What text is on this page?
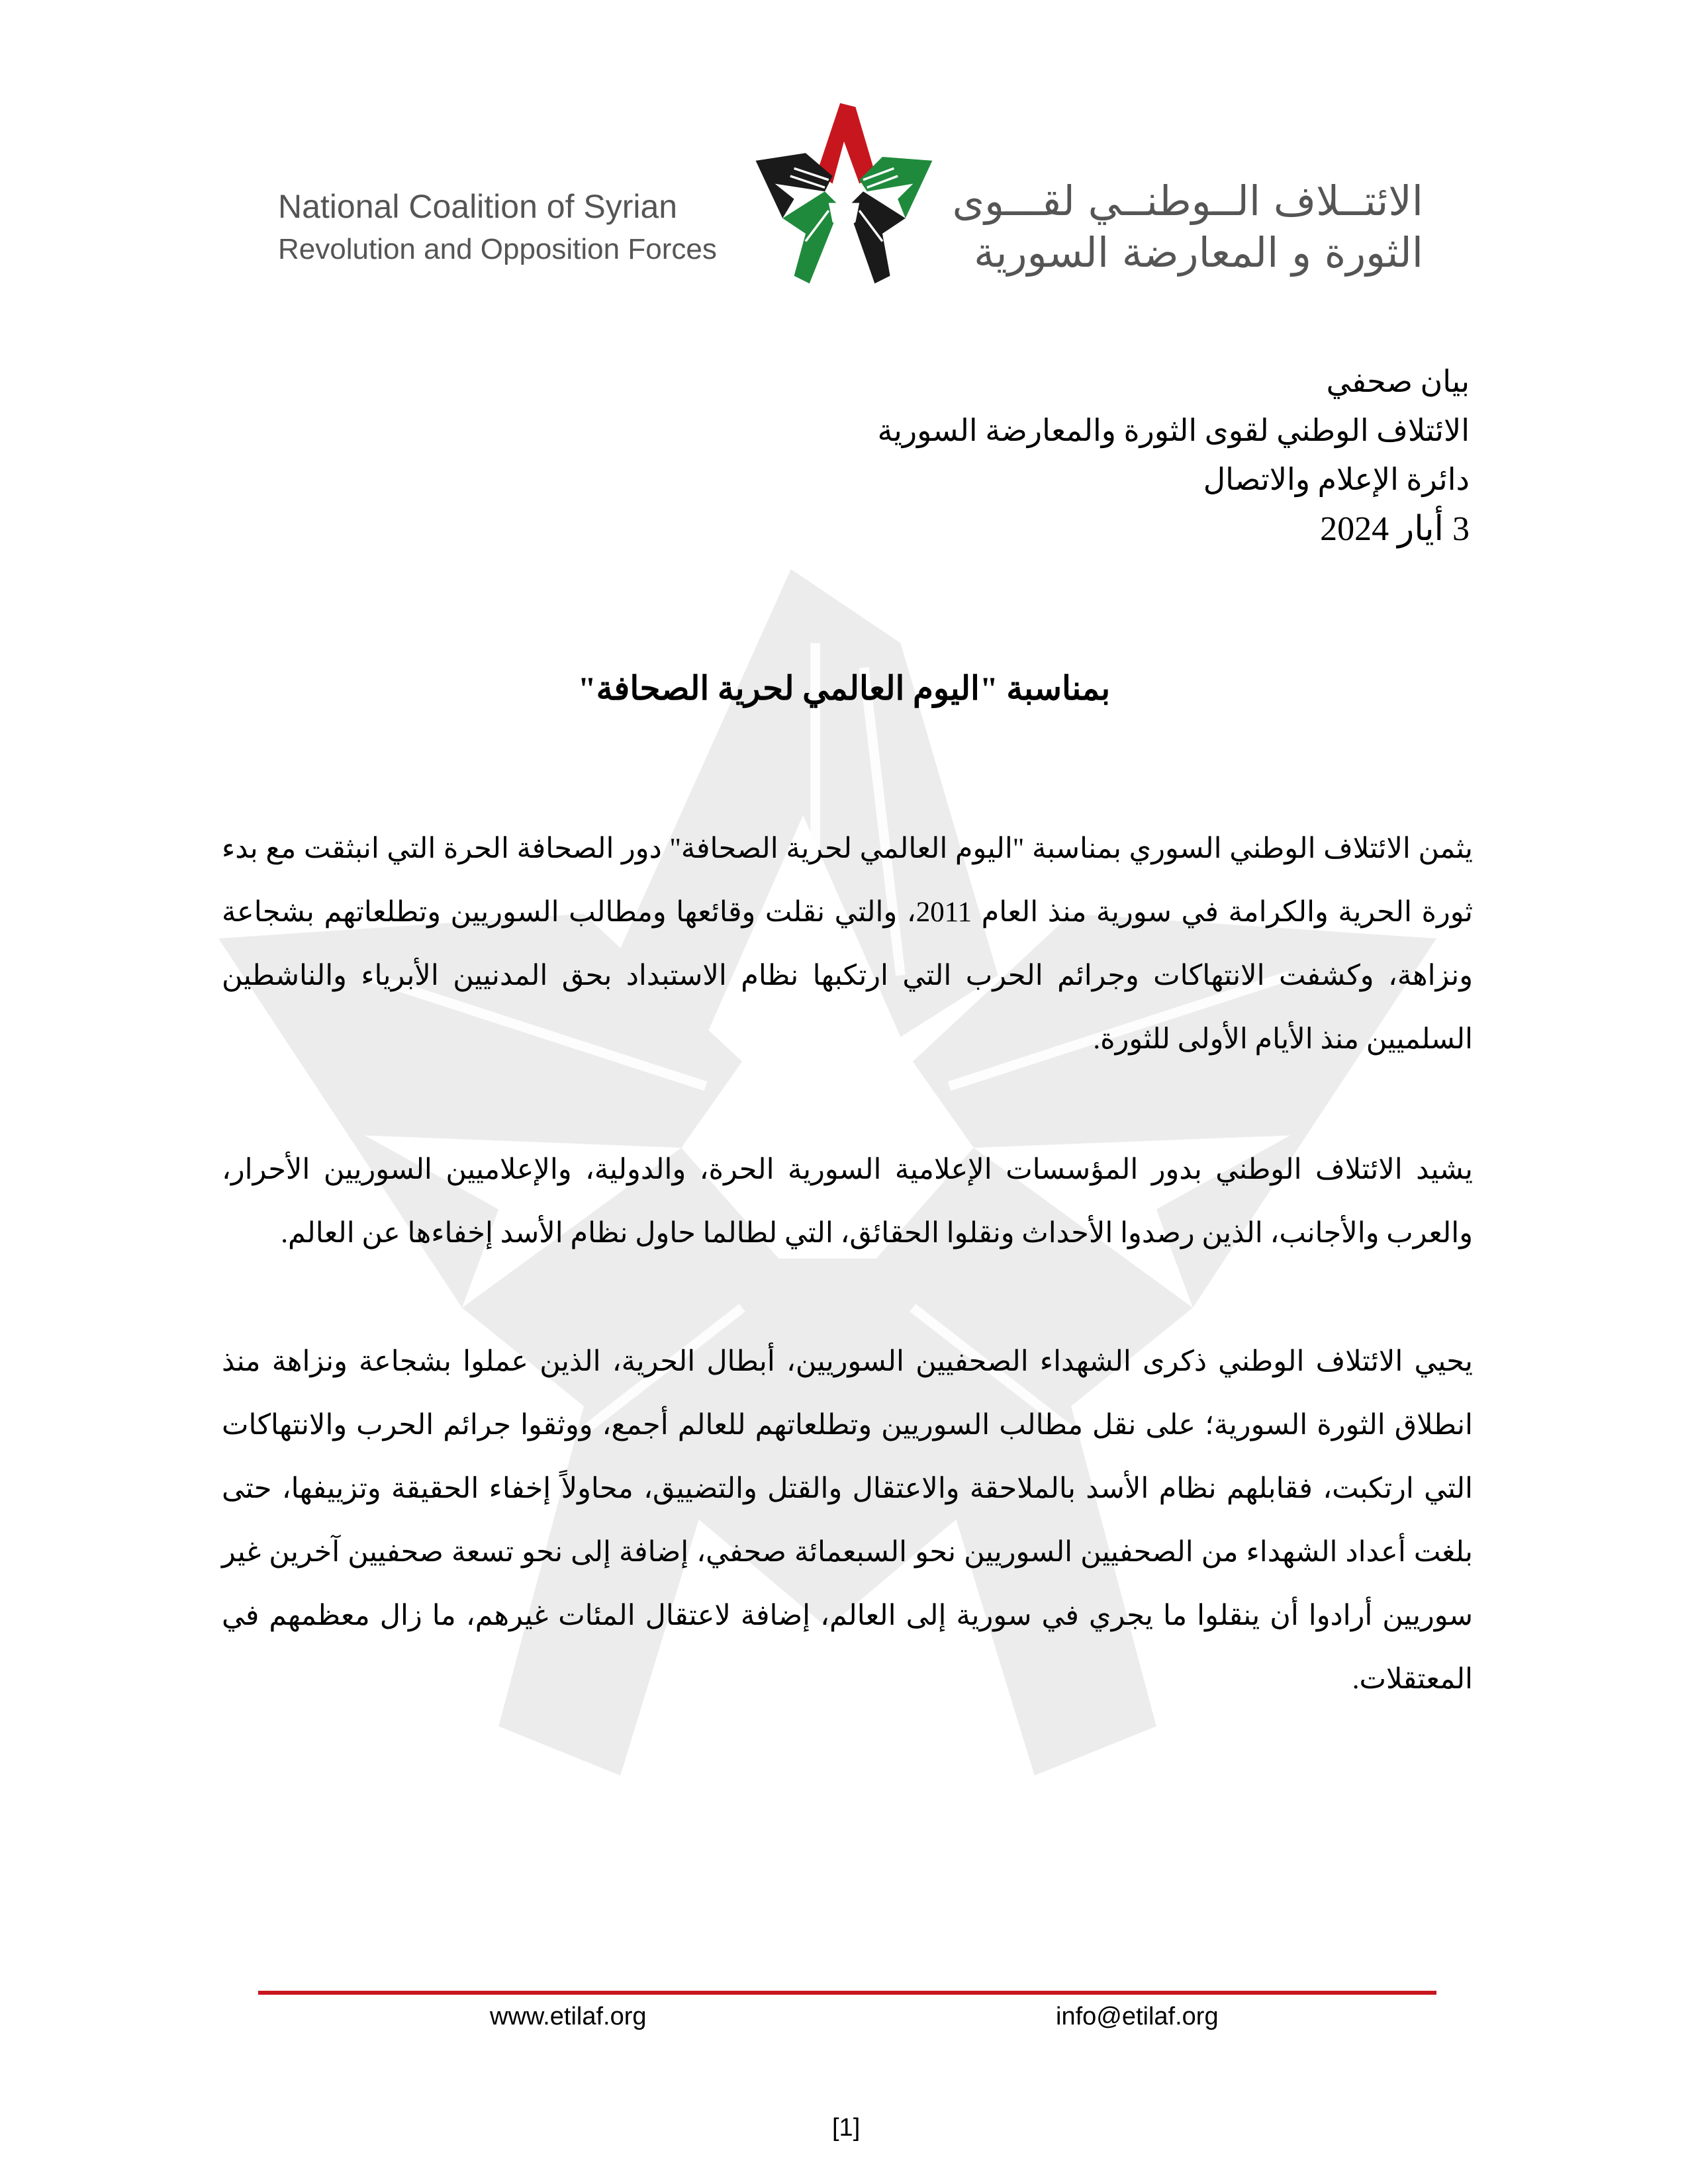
National Coalition of Syrian
Revolution and Opposition Forces
الائتــلاف الــوطنــي لقـــوى
الثورة و المعارضة السورية
بيان صحفي
الائتلاف الوطني لقوى الثورة والمعارضة السورية
دائرة الإعلام والاتصال
3 أيار 2024
بمناسبة "اليوم العالمي لحرية الصحافة"

يثمن الائتلاف الوطني السوري بمناسبة "اليوم العالمي لحرية الصحافة" دور الصحافة الحرة التي انبثقت مع بدء ثورة الحرية والكرامة في سورية منذ العام 2011، والتي نقلت وقائعها ومطالب السوريين وتطلعاتهم بشجاعة ونزاهة، وكشفت الانتهاكات وجرائم الحرب التي ارتكبها نظام الاستبداد بحق المدنيين الأبرياء والناشطين السلميين منذ الأيام الأولى للثورة.

يشيد الائتلاف الوطني بدور المؤسسات الإعلامية السورية الحرة، والدولية، والإعلاميين السوريين الأحرار، والعرب والأجانب، الذين رصدوا الأحداث ونقلوا الحقائق، التي لطالما حاول نظام الأسد إخفاءها عن العالم.

يحيي الائتلاف الوطني ذكرى الشهداء الصحفيين السوريين، أبطال الحرية، الذين عملوا بشجاعة ونزاهة منذ انطلاق الثورة السورية؛ على نقل مطالب السوريين وتطلعاتهم للعالم أجمع، ووثقوا جرائم الحرب والانتهاكات التي ارتكبت، فقابلهم نظام الأسد بالملاحقة والاعتقال والقتل والتضييق، محاولاً إخفاء الحقيقة وتزييفها، حتى بلغت أعداد الشهداء من الصحفيين السوريين نحو السبعمائة صحفي، إضافة إلى نحو تسعة صحفيين آخرين غير سوريين أرادوا أن ينقلوا ما يجري في سورية إلى العالم، إضافة لاعتقال المئات غيرهم، ما زال معظمهم في المعتقلات.

www.etilaf.org	info@etilaf.org
[1]
